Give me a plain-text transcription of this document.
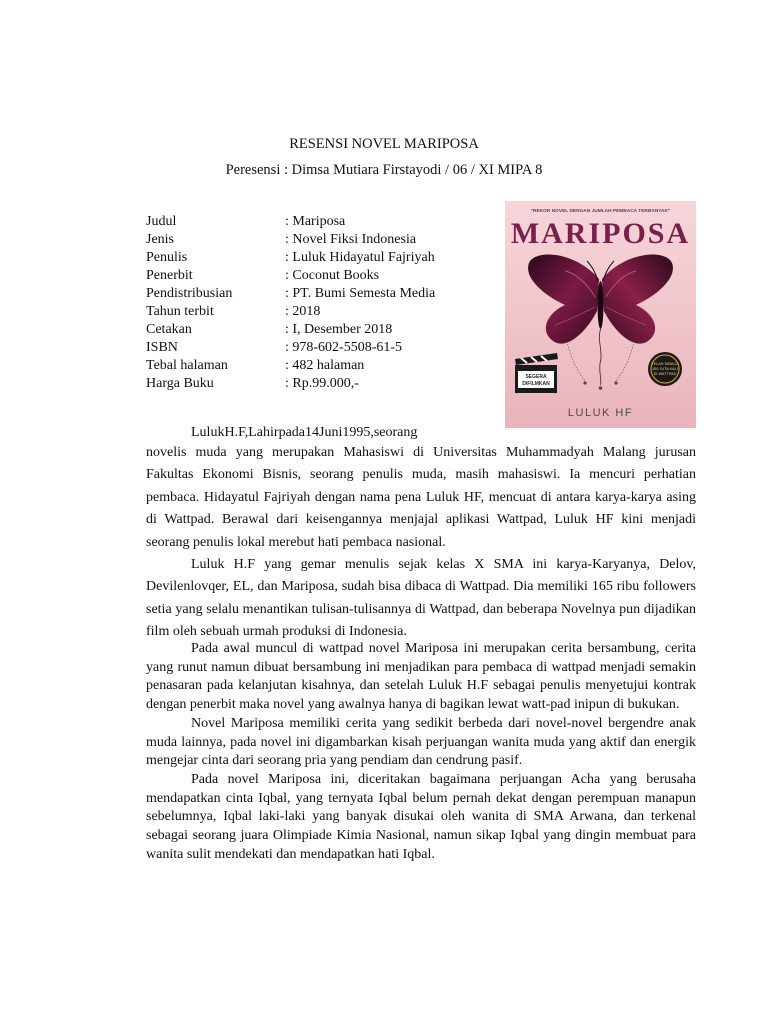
RESENSI NOVEL MARIPOSA
Peresensi : Dimsa Mutiara Firstayodi / 06 / XI MIPA 8
Judul	: Mariposa
Jenis	: Novel Fiksi Indonesia
Penulis	: Luluk Hidayatul Fajriyah
Penerbit	: Coconut Books
Pendistribusian	: PT. Bumi Semesta Media
Tahun terbit	: 2018
Cetakan	: I, Desember 2018
ISBN	: 978-602-5508-61-5
Tebal halaman	: 482 halaman
Harga Buku	: Rp.99.000,-
"REKOR NOVEL DENGAN JUMLAH PEMBACA TERBANYAK"
MARIPOSA
SEGERA
DIFILMKAN
TELAH DIBACA
150 JUTA KALI
DI WATTPAD
LULUK HF
Luluk H.F, Lahir pada 14 Juni 1995, seorang

novelis muda yang merupakan Mahasiswi di Universitas Muhammadyah Malang jurusan Fakultas Ekonomi Bisnis, seorang penulis muda, masih mahasiswi. Ia mencuri perhatian pembaca. Hidayatul Fajriyah dengan nama pena Luluk HF, mencuat di antara karya-karya asing di Wattpad. Berawal dari keisengannya menjajal aplikasi Wattpad, Luluk HF kini menjadi seorang penulis lokal merebut hati pembaca nasional.

Luluk H.F yang gemar menulis sejak kelas X SMA ini karya-Karyanya, Delov, Devilenlovqer, EL, dan Mariposa, sudah bisa dibaca di Wattpad. Dia memiliki 165 ribu followers setia yang selalu menantikan tulisan-tulisannya di Wattpad, dan beberapa Novelnya pun dijadikan film oleh sebuah urmah produksi di Indonesia.

Pada awal muncul di wattpad novel Mariposa ini merupakan cerita bersambung, cerita yang runut namun dibuat bersambung ini menjadikan para pembaca di wattpad menjadi semakin penasaran pada kelanjutan kisahnya, dan setelah Luluk H.F sebagai penulis menyetujui kontrak dengan penerbit maka novel yang awalnya hanya di bagikan lewat watt-pad inipun di bukukan.

Novel Mariposa memiliki cerita yang sedikit berbeda dari novel-novel bergendre anak muda lainnya, pada novel ini digambarkan kisah perjuangan wanita muda yang aktif dan energik mengejar cinta dari seorang pria yang pendiam dan cendrung pasif.

Pada novel Mariposa ini, diceritakan bagaimana perjuangan Acha yang berusaha mendapatkan cinta Iqbal, yang ternyata Iqbal belum pernah dekat dengan perempuan manapun sebelumnya, Iqbal laki-laki yang banyak disukai oleh wanita di SMA Arwana, dan terkenal sebagai seorang juara Olimpiade Kimia Nasional, namun sikap Iqbal yang dingin membuat para wanita sulit mendekati dan mendapatkan hati Iqbal.
